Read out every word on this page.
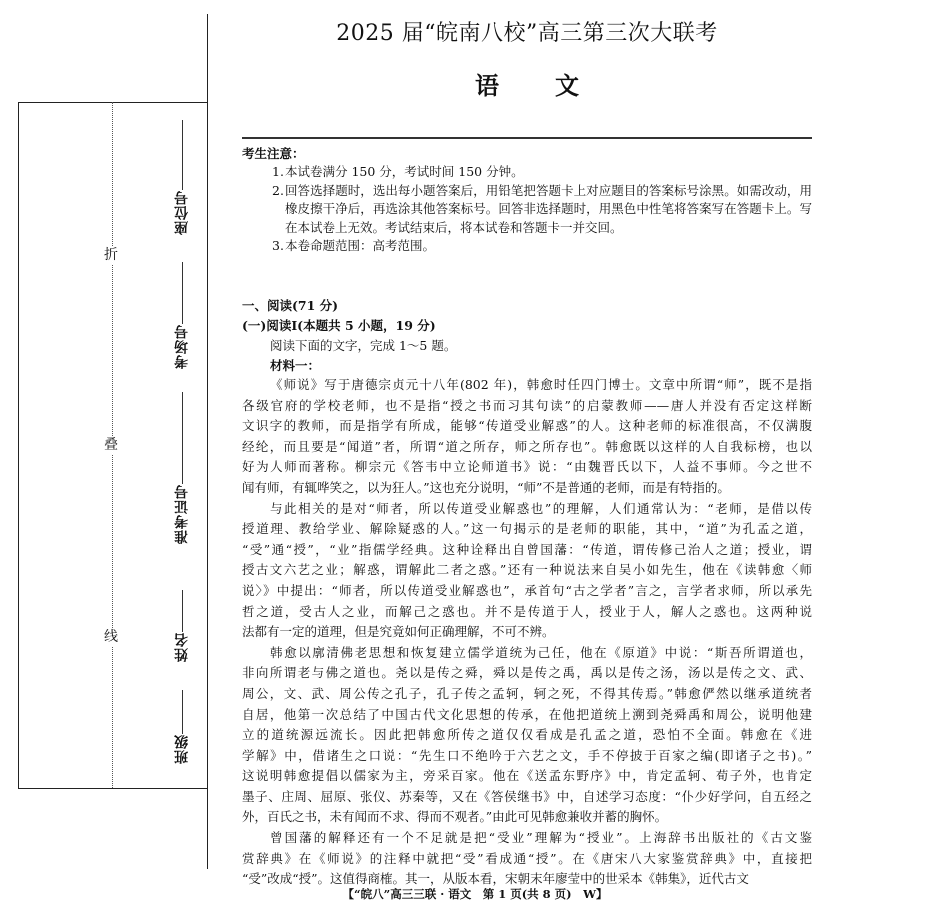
折
叠
线
座位号
考场号
准考证号
姓名
班级
2025 届“皖南八校”高三第三次大联考
语文
考生注意：
1. 本试卷满分 150 分，考试时间 150 分钟。
2. 回答选择题时，选出每小题答案后，用铅笔把答题卡上对应题目的答案标号涂黑。如需改动，用橡皮擦干净后，再选涂其他答案标号。回答非选择题时，用黑色中性笔将答案写在答题卡上。写在本试卷上无效。考试结束后，将本试卷和答题卡一并交回。
3. 本卷命题范围：高考范围。
一、阅读(71 分)
(一)阅读Ⅰ(本题共 5 小题，19 分)
阅读下面的文字，完成 1～5 题。
材料一：
《师说》写于唐德宗贞元十八年(802 年)，韩愈时任四门博士。文章中所谓“师”，既不是指
各级官府的学校老师，也不是指“授之书而习其句读”的启蒙教师——唐人并没有否定这样断
文识字的教师，而是指学有所成，能够“传道受业解惑”的人。这种老师的标准很高，不仅满腹
经纶，而且要是“闻道”者，所谓“道之所存，师之所存也”。韩愈既以这样的人自我标榜，也以
好为人师而著称。柳宗元《答韦中立论师道书》说：“由魏晋氏以下，人益不事师。今之世不
闻有师，有辄哗笑之，以为狂人。”这也充分说明，“师”不是普通的老师，而是有特指的。
与此相关的是对“师者，所以传道受业解惑也”的理解，人们通常认为：“老师，是借以传
授道理、教给学业、解除疑惑的人。”这一句揭示的是老师的职能，其中，“道”为孔孟之道，
“受”通“授”，“业”指儒学经典。这种诠释出自曾国藩：“传道，谓传修己治人之道；授业，谓
授古文六艺之业；解惑，谓解此二者之惑。”还有一种说法来自吴小如先生，他在《读韩愈〈师
说〉》中提出：“师者，所以传道受业解惑也”，承首句“古之学者”言之，言学者求师，所以承先
哲之道，受古人之业，而解己之惑也。并不是传道于人，授业于人，解人之惑也。这两种说
法都有一定的道理，但是究竟如何正确理解，不可不辨。
韩愈以廓清佛老思想和恢复建立儒学道统为己任，他在《原道》中说：“斯吾所谓道也，
非向所谓老与佛之道也。尧以是传之舜，舜以是传之禹，禹以是传之汤，汤以是传之文、武、
周公，文、武、周公传之孔子，孔子传之孟轲，轲之死，不得其传焉。”韩愈俨然以继承道统者
自居，他第一次总结了中国古代文化思想的传承，在他把道统上溯到尧舜禹和周公，说明他建
立的道统源远流长。因此把韩愈所传之道仅仅看成是孔孟之道，恐怕不全面。韩愈在《进
学解》中，借诸生之口说：“先生口不绝吟于六艺之文，手不停披于百家之编(即诸子之书)。”
这说明韩愈提倡以儒家为主，旁采百家。他在《送孟东野序》中，肯定孟轲、荀子外，也肯定
墨子、庄周、屈原、张仪、苏秦等，又在《答侯继书》中，自述学习态度：“仆少好学问，自五经之
外，百氏之书，未有闻而不求、得而不观者。”由此可见韩愈兼收并蓄的胸怀。
曾国藩的解释还有一个不足就是把“受业”理解为“授业”。上海辞书出版社的《古文鉴
赏辞典》在《师说》的注释中就把“受”看成通“授”。在《唐宋八大家鉴赏辞典》中，直接把
“受”改成“授”。这值得商榷。其一，从版本看，宋朝末年廖莹中的世采本《韩集》，近代古文
【“皖八”高三三联 · 语文　第 1 页(共 8 页)　W】
